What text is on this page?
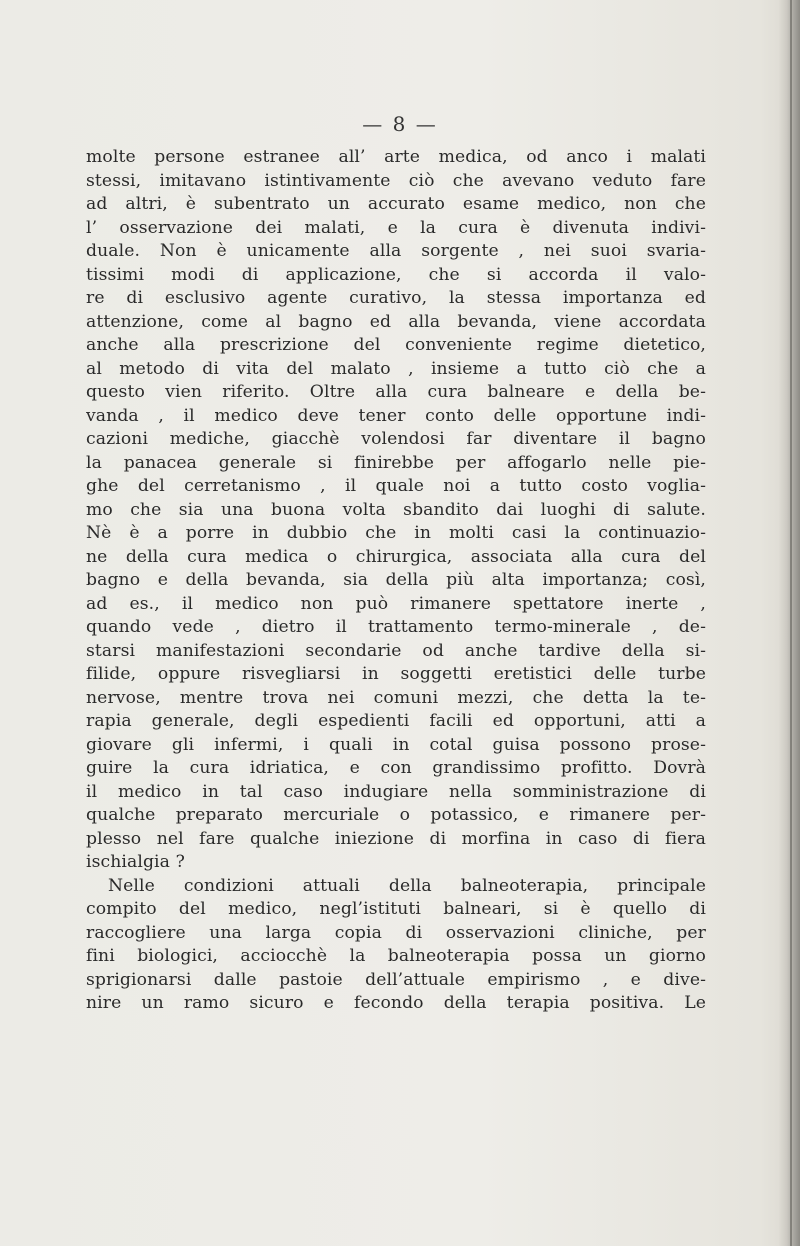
— 8 —
molte persone estranee all’ arte medica, od anco i malati
stessi, imitavano istintivamente ciò che avevano veduto fare
ad altri, è subentrato un accurato esame medico, non che
l’ osservazione dei malati, e la cura è divenuta indivi-
duale. Non è unicamente alla sorgente , nei suoi svaria-
tissimi modi di applicazione, che si accorda il valo-
re di esclusivo agente curativo, la stessa importanza ed
attenzione, come al bagno ed alla bevanda, viene accordata
anche alla prescrizione del conveniente regime dietetico,
al metodo di vita del malato , insieme a tutto ciò che a
questo vien riferito. Oltre alla cura balneare e della be-
vanda , il medico deve tener conto delle opportune indi-
cazioni mediche, giacchè volendosi far diventare il bagno
la panacea generale si finirebbe per affogarlo nelle pie-
ghe del cerretanismo , il quale noi a tutto costo voglia-
mo che sia una buona volta sbandito dai luoghi di salute.
Nè è a porre in dubbio che in molti casi la continuazio-
ne della cura medica o chirurgica, associata alla cura del
bagno e della bevanda, sia della più alta importanza; così,
ad es., il medico non può rimanere spettatore inerte ,
quando vede , dietro il trattamento termo-minerale , de-
starsi manifestazioni secondarie od anche tardive della si-
filide, oppure risvegliarsi in soggetti eretistici delle turbe
nervose, mentre trova nei comuni mezzi, che detta la te-
rapia generale, degli espedienti facili ed opportuni, atti a
giovare gli infermi, i quali in cotal guisa possono prose-
guire la cura idriatica, e con grandissimo profitto. Dovrà
il medico in tal caso indugiare nella somministrazione di
qualche preparato mercuriale o potassico, e rimanere per-
plesso nel fare qualche iniezione di morfina in caso di fiera
ischialgia ?
Nelle condizioni attuali della balneoterapia, principale
compito del medico, negl’istituti balneari, si è quello di
raccogliere una larga copia di osservazioni cliniche, per
fini biologici, acciocchè la balneoterapia possa un giorno
sprigionarsi dalle pastoie dell’attuale empirismo , e dive-
nire un ramo sicuro e fecondo della terapia positiva. Le
